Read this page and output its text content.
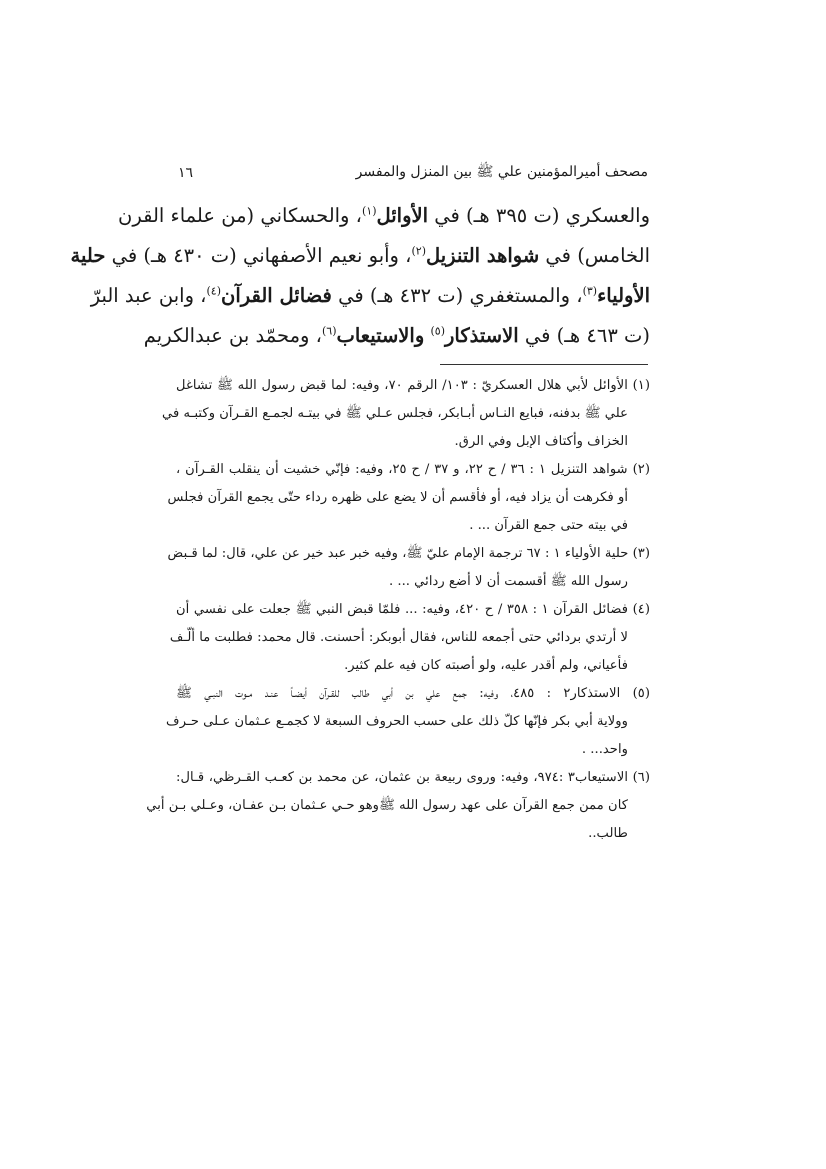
مصحف أميرالمؤمنين علي ﷺ بين المنزل والمفسر
١٦
والعسكري (ت ٣٩٥ هـ) في الأوائل$^{(١)}$، والحسكاني (من علماء القرن
الخامس) في شواهد التنزيل$^{(٢)}$، وأبو نعيم الأصفهاني (ت ٤٣٠ هـ) في حلية
الأولياء$^{(٣)}$، والمستغفري (ت ٤٣٢ هـ) في فضائل القرآن$^{(٤)}$، وابن عبد البرّ
(ت ٤٦٣ هـ) في الاستذكار$^{(٥)}$ والاستيعاب$^{(٦)}$، ومحمّد بن عبدالكريم
(١) الأوائل لأبي هلال العسكريّ : ١٠٣/ الرقم ٧٠، وفيه: لما قبض رسول الله ﷺ تشاغل
علي ﷺ بدفنه، فبايع النـاس أبـابكر، فجلس عـلي ﷺ في بيتـه لجمـع القـرآن وكتبـه في
الخزاف وأكتاف الإبل وفي الرق.
(٢) شواهد التنزيل ١ : ٣٦ / ح ٢٢، و ٣٧ / ح ٢٥، وفيه: فإنّي خشيت أن ينقلب القـرآن ،
أو فكرهت أن يزاد فيه، أو فأقسم أن لا يضع على ظهره رداء حتّى يجمع القرآن فجلس
في بيته حتى جمع القرآن ... .
(٣) حلية الأولياء ١ : ٦٧ ترجمة الإمام عليّ ﷺ، وفيه خبر عبد خير عن علي، قال: لما قـبض
رسول الله ﷺ أقسمت أن لا أضع ردائي ... .
(٤) فضائل القرآن ١ : ٣٥٨ / ح ٤٢٠، وفيه: ... فلمّا قبض النبي ﷺ جعلت على نفسي أن
لا أرتدي بردائي حتى أجمعه للناس، فقال أبوبكر: أحسنت. قال محمد: فطلبت ما ألّـف
فأعياني، ولم أقدر عليه، ولو أصبته كان فيه علم كثير.
(٥) الاستذكار٢ : ٤٨٥، وفيه: جمع علي بن أبي طالب للقـرآن أيضـاً عنـد مـوت النبـي ﷺ
وولاية أبي بكر فإنّها كلّ ذلك على حسب الحروف السبعة لا كجمـع عـثمان عـلى حـرف
واحد... .
(٦) الاستيعاب٣ :٩٧٤، وفيه: وروى ربيعة بن عثمان، عن محمد بن كعـب القـرظي، قـال:
كان ممن جمع القرآن على عهد رسول الله ﷺوهو حـي عـثمان بـن عفـان، وعـلي بـن أبي
طالب..
